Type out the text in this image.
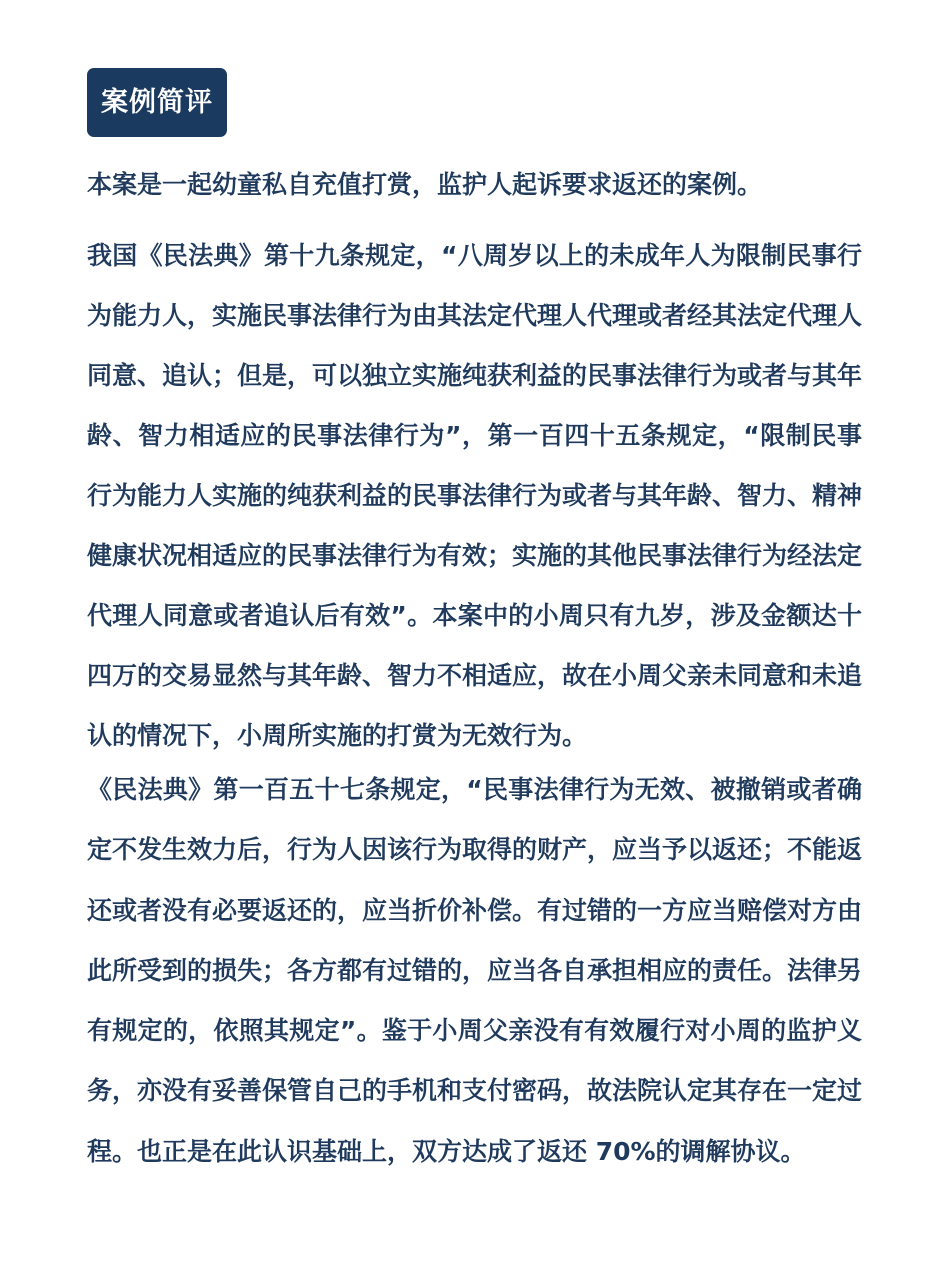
案例简评

本案是一起幼童私自充值打赏，监护人起诉要求返还的案例。

我国《民法典》第十九条规定，“八周岁以上的未成年人为限制民事行为能力人，实施民事法律行为由其法定代理人代理或者经其法定代理人同意、追认；但是，可以独立实施纯获利益的民事法律行为或者与其年龄、智力相适应的民事法律行为”，第一百四十五条规定，“限制民事行为能力人实施的纯获利益的民事法律行为或者与其年龄、智力、精神健康状况相适应的民事法律行为有效；实施的其他民事法律行为经法定代理人同意或者追认后有效”。本案中的小周只有九岁，涉及金额达十四万的交易显然与其年龄、智力不相适应，故在小周父亲未同意和未追认的情况下，小周所实施的打赏为无效行为。

《民法典》第一百五十七条规定，“民事法律行为无效、被撤销或者确定不发生效力后，行为人因该行为取得的财产，应当予以返还；不能返还或者没有必要返还的，应当折价补偿。有过错的一方应当赔偿对方由此所受到的损失；各方都有过错的，应当各自承担相应的责任。法律另有规定的，依照其规定”。鉴于小周父亲没有有效履行对小周的监护义务，亦没有妥善保管自己的手机和支付密码，故法院认定其存在一定过程。也正是在此认识基础上，双方达成了返还 70%的调解协议。
